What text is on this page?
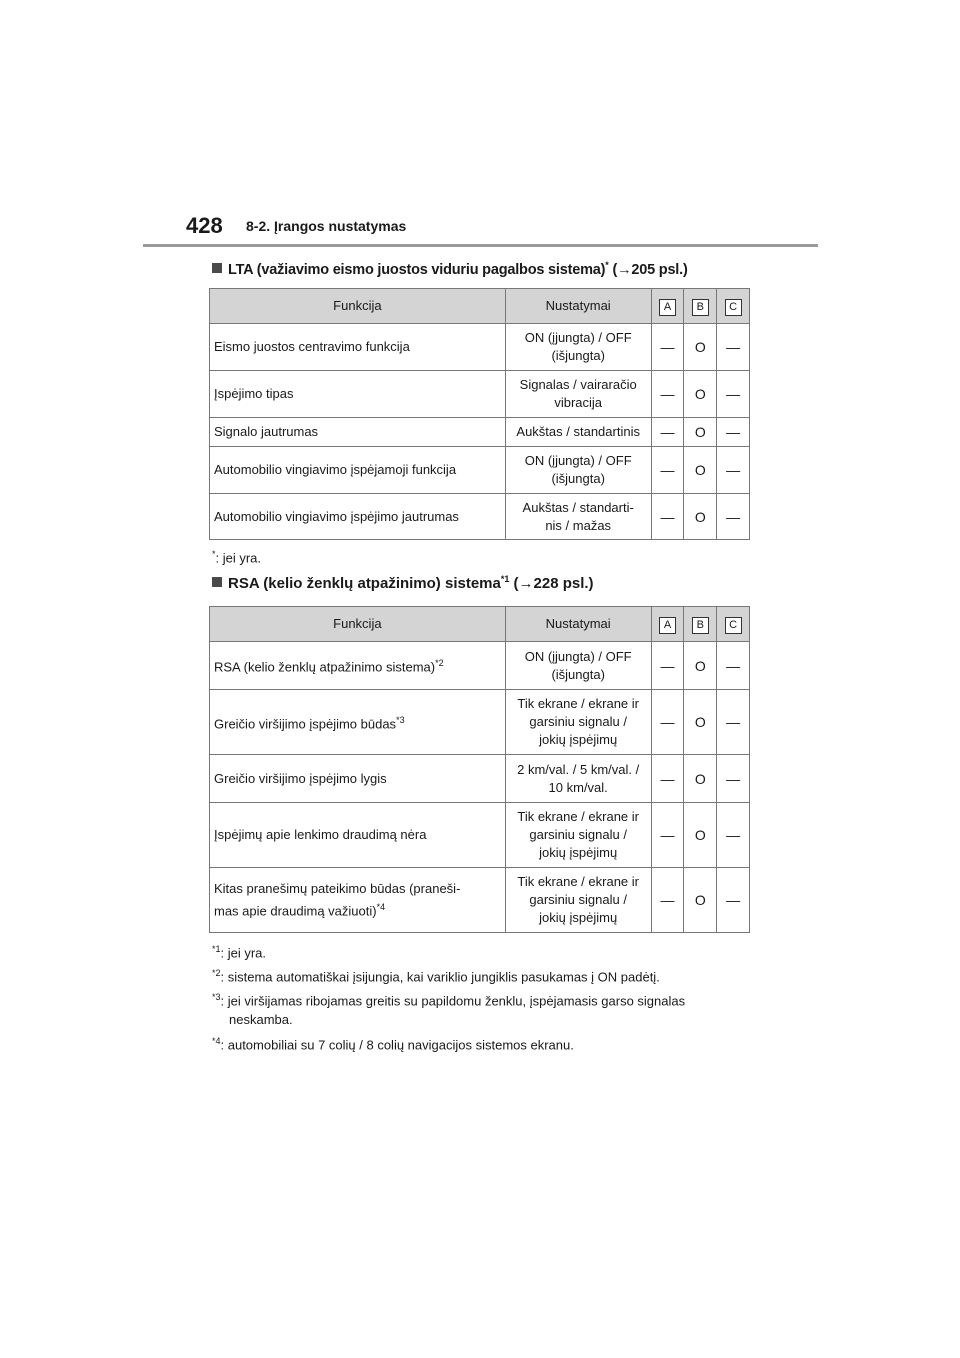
428 8-2. Įrangos nustatymas
LTA (važiavimo eismo juostos viduriu pagalbos sistema)* (→205 psl.)
Funkcija	Nustatymai	A	B	C
Eismo juostos centravimo funkcija	ON (įjungta) / OFF
(išjungta)	—	O	—
Įspėjimo tipas	Signalas / vairaračio
vibracija	—	O	—
Signalo jautrumas	Aukštas / standartinis	—	O	—
Automobilio vingiavimo įspėjamoji funkcija	ON (įjungta) / OFF
(išjungta)	—	O	—
Automobilio vingiavimo įspėjimo jautrumas	Aukštas / standarti-
nis / mažas	—	O	—
*: jei yra.
RSA (kelio ženklų atpažinimo) sistema$^{*1}$ (→228 psl.)
Funkcija	Nustatymai	A	B	C
RSA (kelio ženklų atpažinimo sistema)$^{*2}$	ON (įjungta) / OFF
(išjungta)	—	O	—
Greičio viršijimo įspėjimo būdas$^{*3}$	Tik ekrane / ekrane ir
garsiniu signalu /
jokių įspėjimų	—	O	—
Greičio viršijimo įspėjimo lygis	2 km/val. / 5 km/val. /
10 km/val.	—	O	—
Įspėjimų apie lenkimo draudimą nėra	Tik ekrane / ekrane ir
garsiniu signalu /
jokių įspėjimų	—	O	—
Kitas pranešimų pateikimo būdas (praneši-
mas apie draudimą važiuoti)$^{*4}$	Tik ekrane / ekrane ir
garsiniu signalu /
jokių įspėjimų	—	O	—
$^{*1}$: jei yra.
$^{*2}$: sistema automatiškai įsijungia, kai variklio jungiklis pasukamas į ON padėtį.
$^{*3}$: jei viršijamas ribojamas greitis su papildomu ženklu, įspėjamasis garso signalas
neskamba.
$^{*4}$: automobiliai su 7 colių / 8 colių navigacijos sistemos ekranu.
